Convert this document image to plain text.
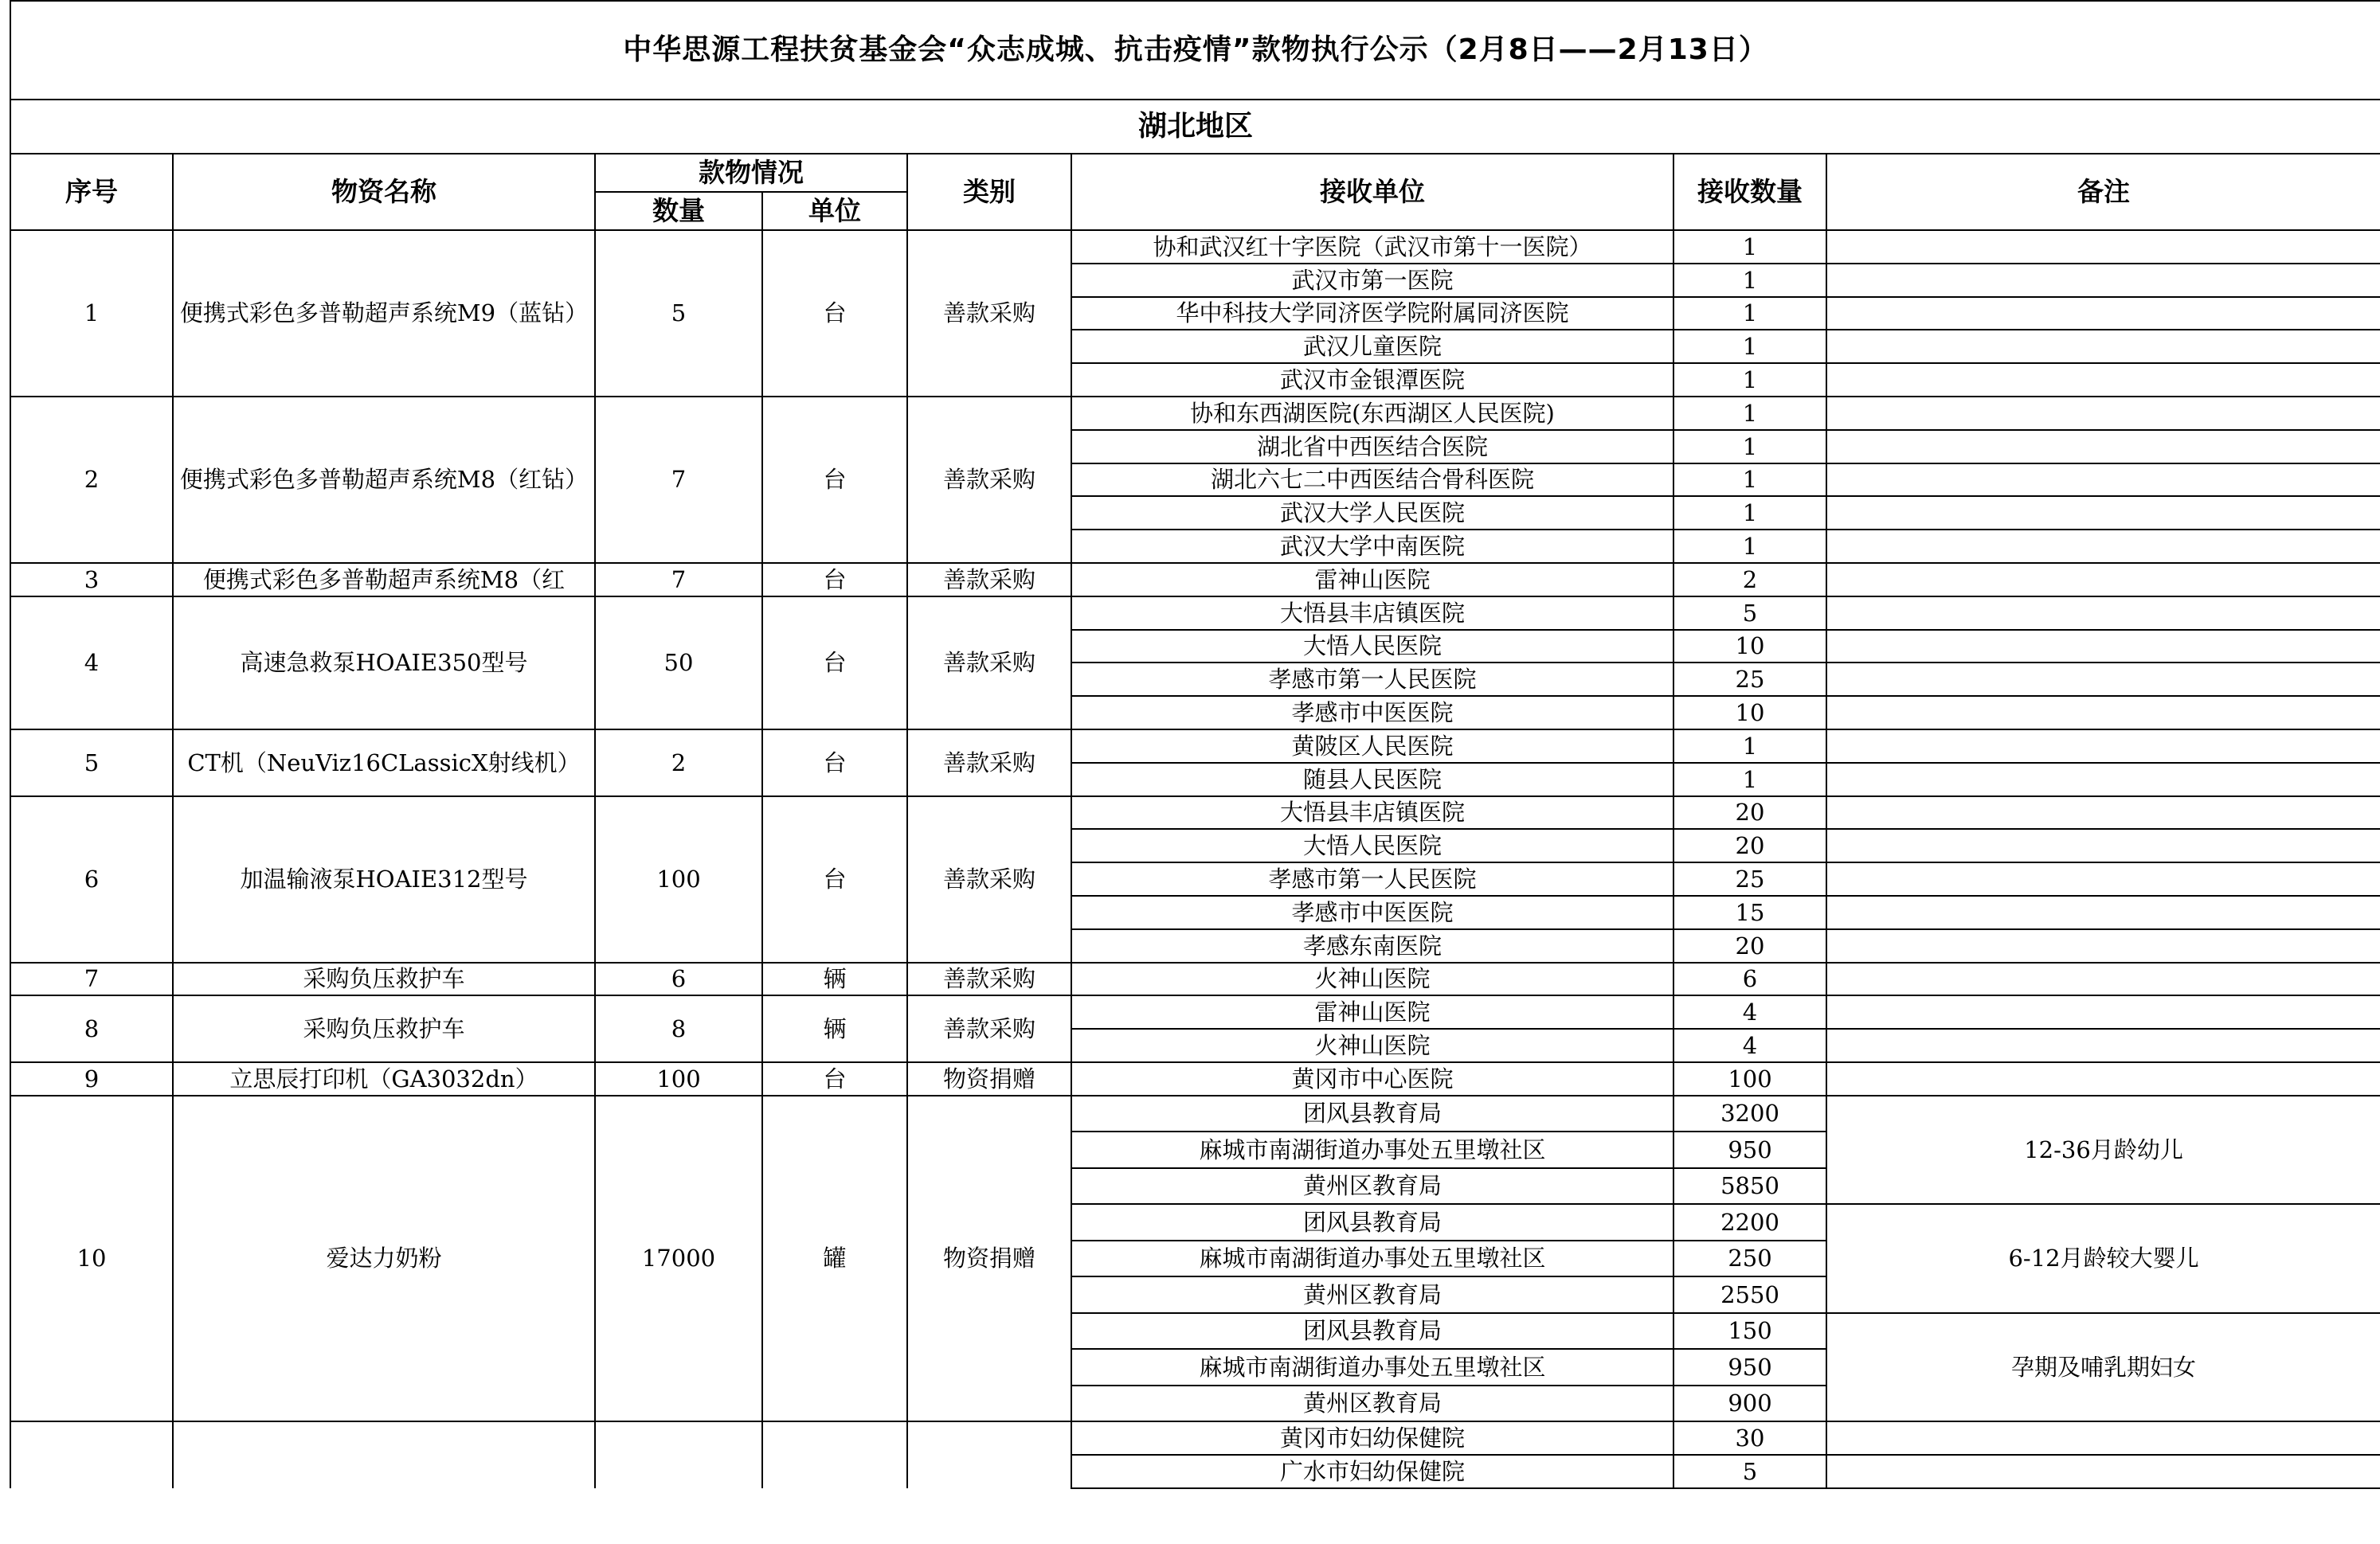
中华思源工程扶贫基金会“众志成城、抗击疫情”款物执行公示（2月8日——2月13日）							
湖北地区							
序号	物资名称	款物情况		类别	接收单位	接收数量	备注
		数量	单位				
1	便携式彩色多普勒超声系统M9（蓝钻）	5	台	善款采购	协和武汉红十字医院（武汉市第十一医院）	1	
					武汉市第一医院	1	
					华中科技大学同济医学院附属同济医院	1	
					武汉儿童医院	1	
					武汉市金银潭医院	1	
2	便携式彩色多普勒超声系统M8（红钻）	7	台	善款采购	协和东西湖医院(东西湖区人民医院)	1	
					湖北省中西医结合医院	1	
					湖北六七二中西医结合骨科医院	1	
					武汉大学人民医院	1	
					武汉大学中南医院	1	
3	便携式彩色多普勒超声系统M8（红	7	台	善款采购	雷神山医院	2	
4	高速急救泵HOAIE350型号	50	台	善款采购	大悟县丰店镇医院	5	
					大悟人民医院	10	
					孝感市第一人民医院	25	
					孝感市中医医院	10	
5	CT机（NeuViz16CLassicX射线机）	2	台	善款采购	黄陂区人民医院	1	
					随县人民医院	1	
6	加温输液泵HOAIE312型号	100	台	善款采购	大悟县丰店镇医院	20	
					大悟人民医院	20	
					孝感市第一人民医院	25	
					孝感市中医医院	15	
					孝感东南医院	20	
7	采购负压救护车	6	辆	善款采购	火神山医院	6	
8	采购负压救护车	8	辆	善款采购	雷神山医院	4	
					火神山医院	4	
9	立思辰打印机（GA3032dn）	100	台	物资捐赠	黄冈市中心医院	100	
10	爱达力奶粉	17000	罐	物资捐赠	团风县教育局	3200	12-36月龄幼儿
					麻城市南湖街道办事处五里墩社区	950	
					黄州区教育局	5850	
					团风县教育局	2200	6-12月龄较大婴儿
					麻城市南湖街道办事处五里墩社区	250	
					黄州区教育局	2550	
					团风县教育局	150	孕期及哺乳期妇女
					麻城市南湖街道办事处五里墩社区	950	
					黄州区教育局	900	
					黄冈市妇幼保健院	30	
					广水市妇幼保健院	5	
